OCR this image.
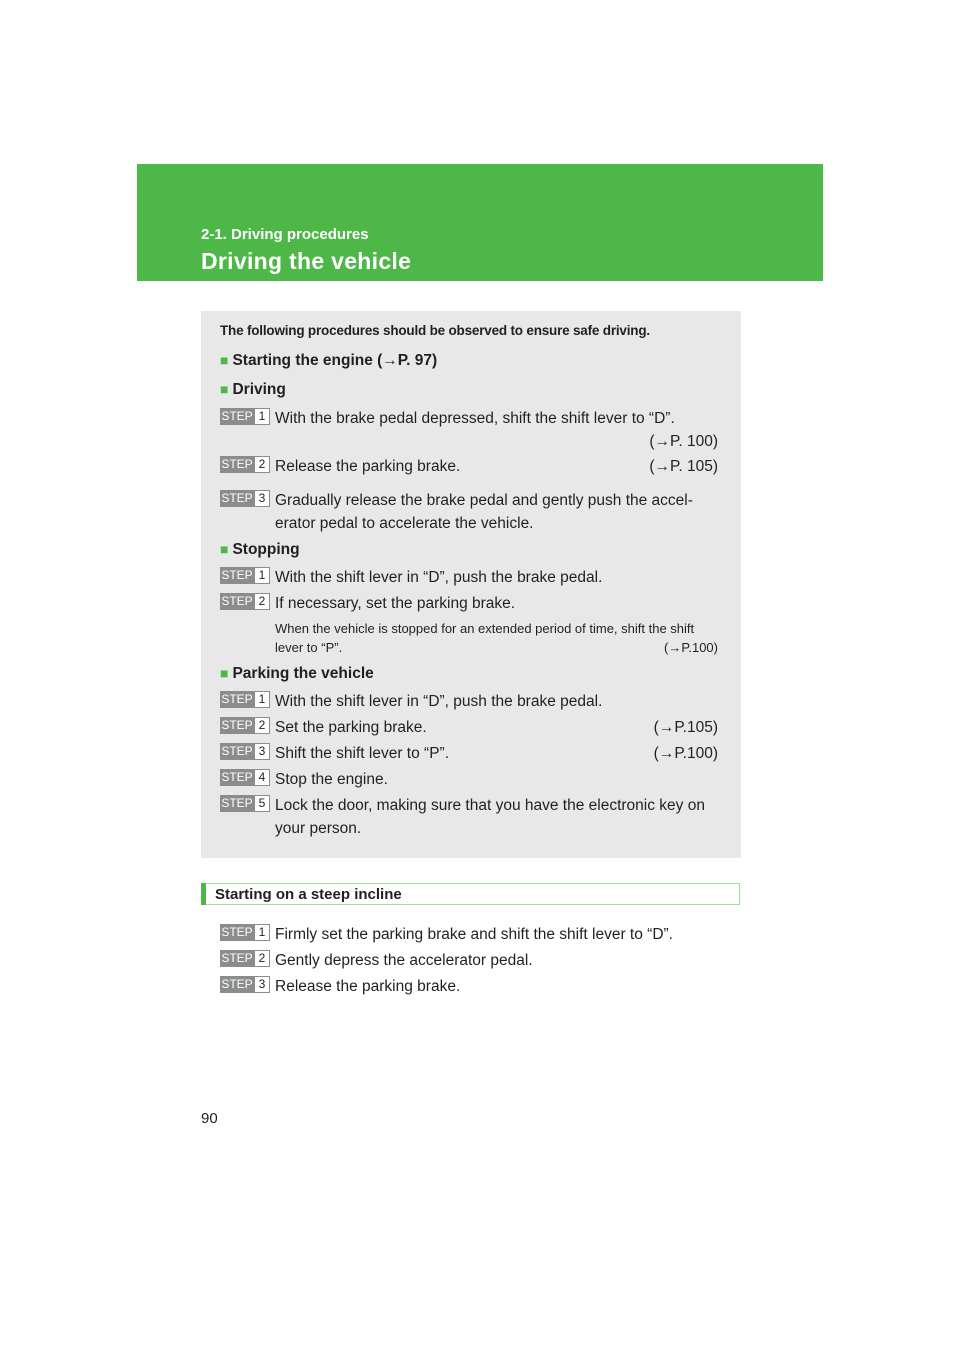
2-1. Driving procedures
Driving the vehicle
The following procedures should be observed to ensure safe driving.
■ Starting the engine (→P. 97)
■ Driving
STEP 1 With the brake pedal depressed, shift the shift lever to “D”.
(→P. 100)
STEP 2 Release the parking brake.	(→P. 105)
STEP 3 Gradually release the brake pedal and gently push the accel-erator pedal to accelerate the vehicle.
■ Stopping
STEP 1 With the shift lever in “D”, push the brake pedal.
STEP 2 If necessary, set the parking brake.
When the vehicle is stopped for an extended period of time, shift the shift lever to “P”.	(→P.100)
■ Parking the vehicle
STEP 1 With the shift lever in “D”, push the brake pedal.
STEP 2 Set the parking brake.	(→P.105)
STEP 3 Shift the shift lever to “P”.	(→P.100)
STEP 4 Stop the engine.
STEP 5 Lock the door, making sure that you have the electronic key on your person.
Starting on a steep incline
STEP 1 Firmly set the parking brake and shift the shift lever to “D”.
STEP 2 Gently depress the accelerator pedal.
STEP 3 Release the parking brake.
90
